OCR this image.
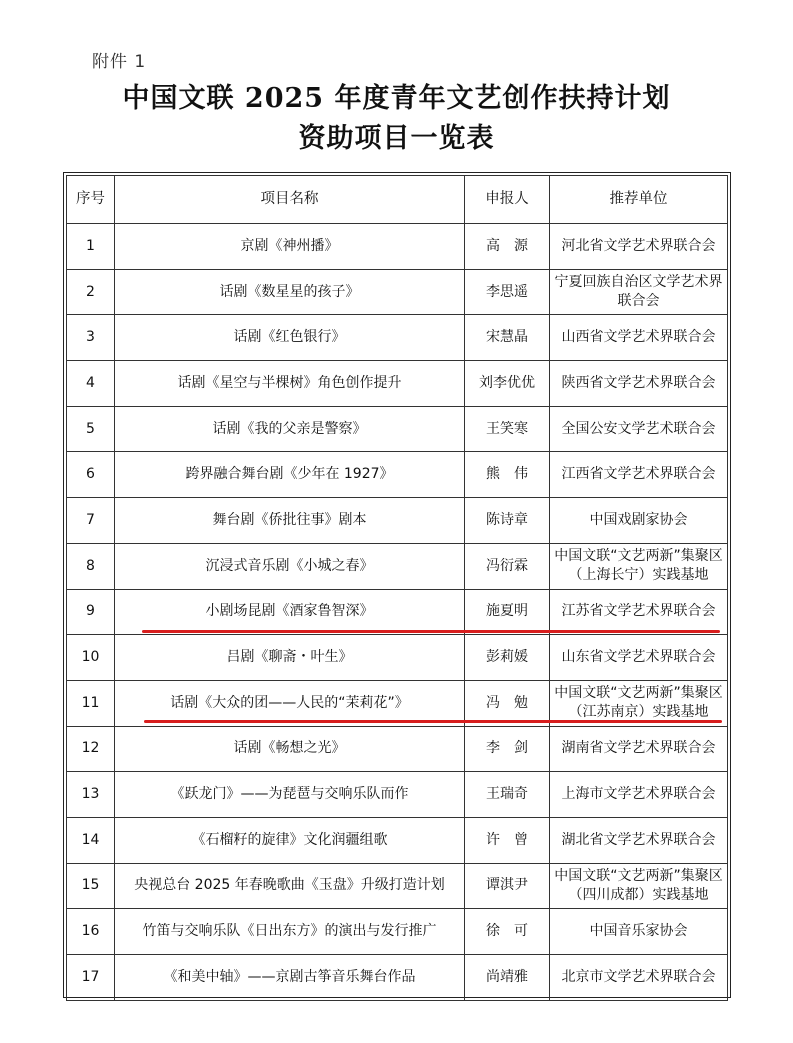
附件 1
中国文联 2025 年度青年文艺创作扶持计划
资助项目一览表
序号	项目名称	申报人	推荐单位
1	京剧《神州播》	高　源	河北省文学艺术界联合会
2	话剧《数星星的孩子》	李思遥	宁夏回族自治区文学艺术界联合会
3	话剧《红色银行》	宋慧晶	山西省文学艺术界联合会
4	话剧《星空与半棵树》角色创作提升	刘李优优	陕西省文学艺术界联合会
5	话剧《我的父亲是警察》	王笑寒	全国公安文学艺术联合会
6	跨界融合舞台剧《少年在 1927》	熊　伟	江西省文学艺术界联合会
7	舞台剧《侨批往事》剧本	陈诗章	中国戏剧家协会
8	沉浸式音乐剧《小城之春》	冯衍霖	中国文联“文艺两新”集聚区（上海长宁）实践基地
9	小剧场昆剧《酒家鲁智深》	施夏明	江苏省文学艺术界联合会
10	吕剧《聊斋・叶生》	彭莉媛	山东省文学艺术界联合会
11	话剧《大众的团——人民的“茉莉花”》	冯　勉	中国文联“文艺两新”集聚区（江苏南京）实践基地
12	话剧《畅想之光》	李　剑	湖南省文学艺术界联合会
13	《跃龙门》——为琵琶与交响乐队而作	王瑞奇	上海市文学艺术界联合会
14	《石榴籽的旋律》文化润疆组歌	许　曾	湖北省文学艺术界联合会
15	央视总台 2025 年春晚歌曲《玉盘》升级打造计划	谭淇尹	中国文联“文艺两新”集聚区（四川成都）实践基地
16	竹笛与交响乐队《日出东方》的演出与发行推广	徐　可	中国音乐家协会
17	《和美中轴》——京剧古筝音乐舞台作品	尚靖雅	北京市文学艺术界联合会
